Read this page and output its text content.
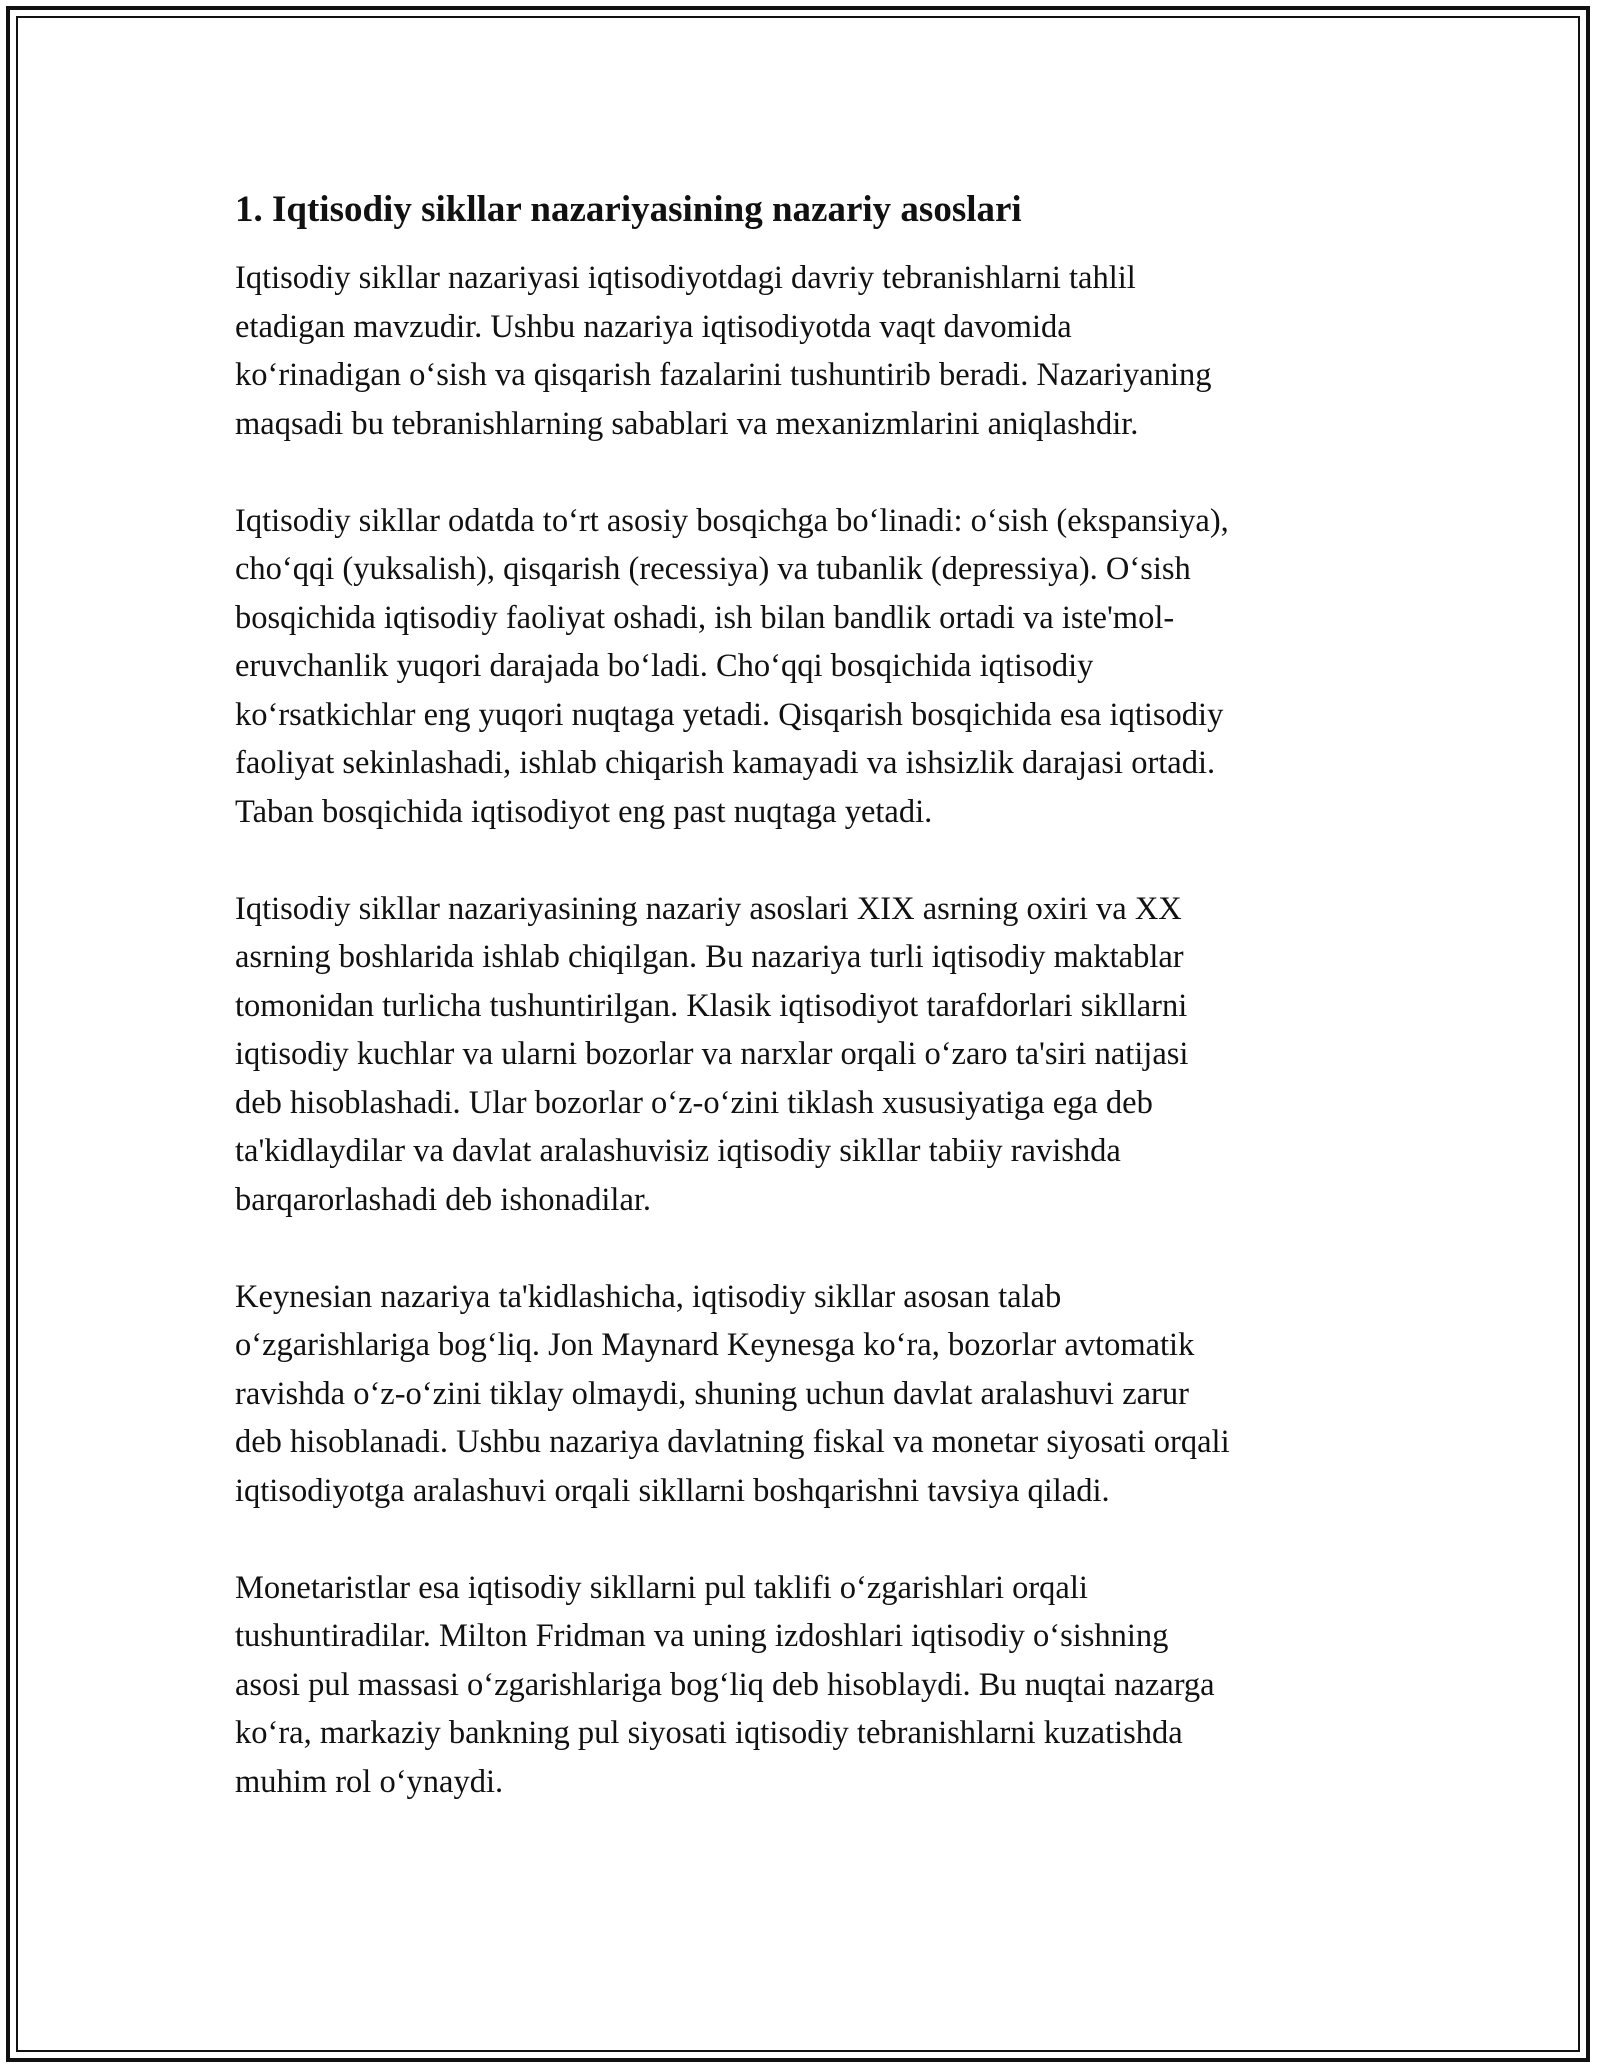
1. Iqtisodiy sikllar nazariyasining nazariy asoslari
Iqtisodiy sikllar nazariyasi iqtisodiyotdagi davriy tebranishlarni tahlil
etadigan mavzudir. Ushbu nazariya iqtisodiyotda vaqt davomida
ko‘rinadigan o‘sish va qisqarish fazalarini tushuntirib beradi. Nazariyaning
maqsadi bu tebranishlarning sabablari va mexanizmlarini aniqlashdir.
Iqtisodiy sikllar odatda to‘rt asosiy bosqichga bo‘linadi: o‘sish (ekspansiya),
cho‘qqi (yuksalish), qisqarish (recessiya) va tubanlik (depressiya). O‘sish
bosqichida iqtisodiy faoliyat oshadi, ish bilan bandlik ortadi va iste'mol-
eruvchanlik yuqori darajada bo‘ladi. Cho‘qqi bosqichida iqtisodiy
ko‘rsatkichlar eng yuqori nuqtaga yetadi. Qisqarish bosqichida esa iqtisodiy
faoliyat sekinlashadi, ishlab chiqarish kamayadi va ishsizlik darajasi ortadi.
Taban bosqichida iqtisodiyot eng past nuqtaga yetadi.
Iqtisodiy sikllar nazariyasining nazariy asoslari XIX asrning oxiri va XX
asrning boshlarida ishlab chiqilgan. Bu nazariya turli iqtisodiy maktablar
tomonidan turlicha tushuntirilgan. Klasik iqtisodiyot tarafdorlari sikllarni
iqtisodiy kuchlar va ularni bozorlar va narxlar orqali o‘zaro ta'siri natijasi
deb hisoblashadi. Ular bozorlar o‘z-o‘zini tiklash xususiyatiga ega deb
ta'kidlaydilar va davlat aralashuvisiz iqtisodiy sikllar tabiiy ravishda
barqarorlashadi deb ishonadilar.
Keynesian nazariya ta'kidlashicha, iqtisodiy sikllar asosan talab
o‘zgarishlariga bog‘liq. Jon Maynard Keynesga ko‘ra, bozorlar avtomatik
ravishda o‘z-o‘zini tiklay olmaydi, shuning uchun davlat aralashuvi zarur
deb hisoblanadi. Ushbu nazariya davlatning fiskal va monetar siyosati orqali
iqtisodiyotga aralashuvi orqali sikllarni boshqarishni tavsiya qiladi.
Monetaristlar esa iqtisodiy sikllarni pul taklifi o‘zgarishlari orqali
tushuntiradilar. Milton Fridman va uning izdoshlari iqtisodiy o‘sishning
asosi pul massasi o‘zgarishlariga bog‘liq deb hisoblaydi. Bu nuqtai nazarga
ko‘ra, markaziy bankning pul siyosati iqtisodiy tebranishlarni kuzatishda
muhim rol o‘ynaydi.
